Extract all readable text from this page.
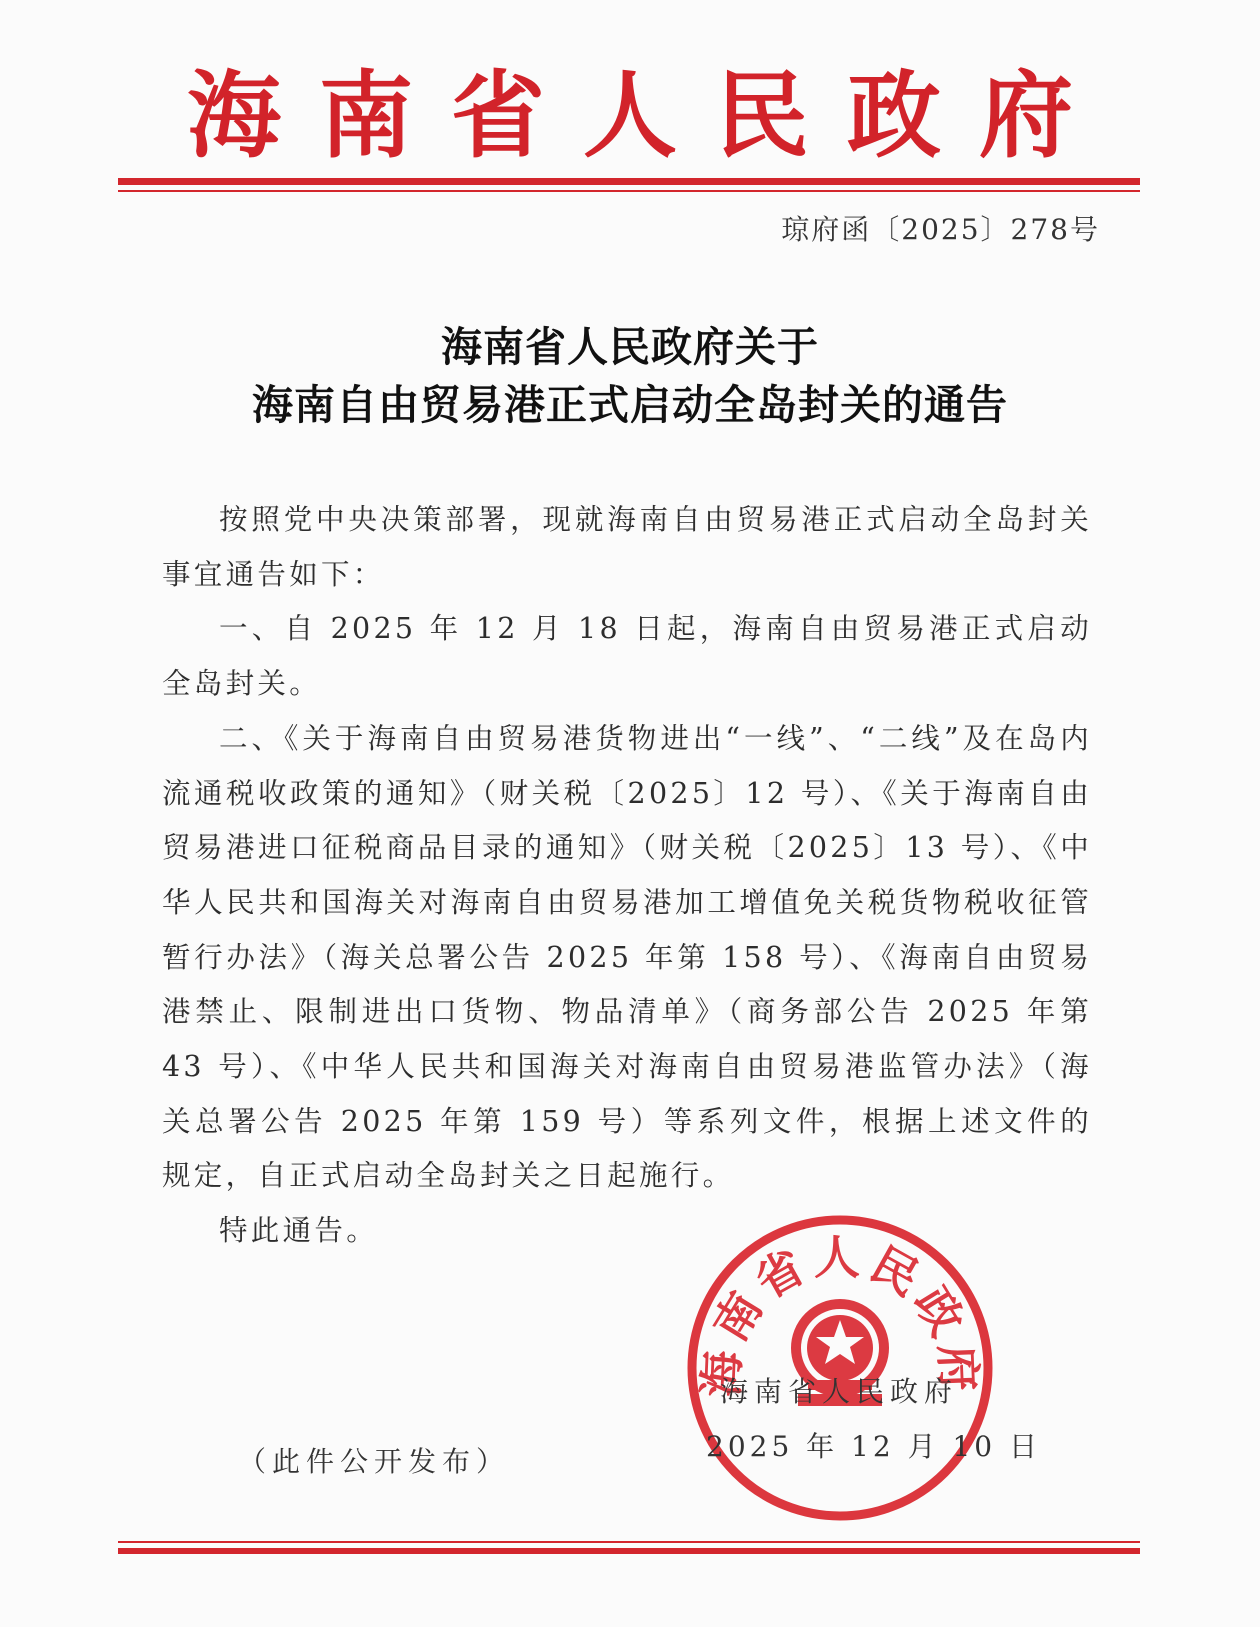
海南省人民政府
琼府函〔2025〕278号
海南省人民政府关于
海南自由贸易港正式启动全岛封关的通告

按照党中央决策部署，现就海南自由贸易港正式启动全岛封关事宜通告如下：

一、自 2025 年 12 月 18 日起，海南自由贸易港正式启动全岛封关。

二、《关于海南自由贸易港货物进出“一线”、“二线”及在岛内流通税收政策的通知》（财关税〔2025〕12 号）、《关于海南自由贸易港进口征税商品目录的通知》（财关税〔2025〕13 号）、《中华人民共和国海关对海南自由贸易港加工增值免关税货物税收征管暂行办法》（海关总署公告 2025 年第 158 号）、《海南自由贸易港禁止、限制进出口货物、物品清单》（商务部公告 2025 年第 43 号）、《中华人民共和国海关对海南自由贸易港监管办法》（海关总署公告 2025 年第 159 号）等系列文件，根据上述文件的规定，自正式启动全岛封关之日起施行。

特此通告。

海南省人民政府
海南省人民政府
2025 年 12 月 10 日
（此件公开发布）
